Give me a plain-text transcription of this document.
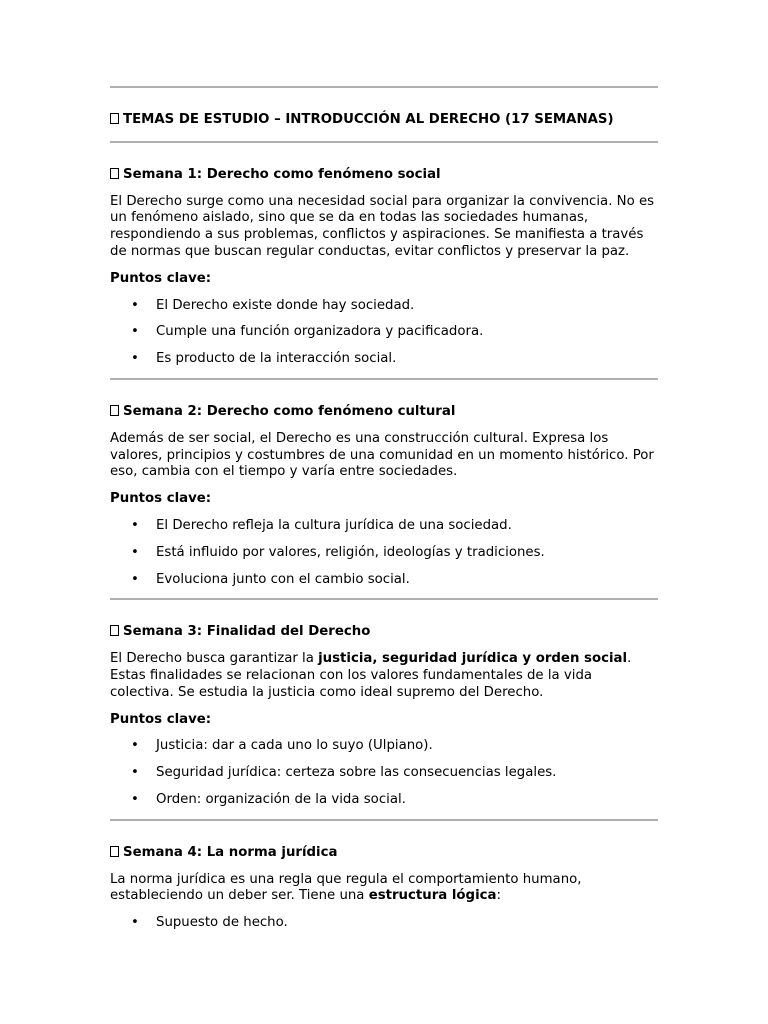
TEMAS DE ESTUDIO – INTRODUCCIÓN AL DERECHO (17 SEMANAS)
Semana 1: Derecho como fenómeno social

El Derecho surge como una necesidad social para organizar la convivencia. No es un fenómeno aislado, sino que se da en todas las sociedades humanas, respondiendo a sus problemas, conflictos y aspiraciones. Se manifiesta a través de normas que buscan regular conductas, evitar conflictos y preservar la paz.

Puntos clave:
• El Derecho existe donde hay sociedad.
• Cumple una función organizadora y pacificadora.
• Es producto de la interacción social.
Semana 2: Derecho como fenómeno cultural

Además de ser social, el Derecho es una construcción cultural. Expresa los valores, principios y costumbres de una comunidad en un momento histórico. Por eso, cambia con el tiempo y varía entre sociedades.

Puntos clave:
• El Derecho refleja la cultura jurídica de una sociedad.
• Está influido por valores, religión, ideologías y tradiciones.
• Evoluciona junto con el cambio social.
Semana 3: Finalidad del Derecho

El Derecho busca garantizar la justicia, seguridad jurídica y orden social. Estas finalidades se relacionan con los valores fundamentales de la vida colectiva. Se estudia la justicia como ideal supremo del Derecho.

Puntos clave:
• Justicia: dar a cada uno lo suyo (Ulpiano).
• Seguridad jurídica: certeza sobre las consecuencias legales.
• Orden: organización de la vida social.
Semana 4: La norma jurídica

La norma jurídica es una regla que regula el comportamiento humano, estableciendo un deber ser. Tiene una estructura lógica:

• Supuesto de hecho.
